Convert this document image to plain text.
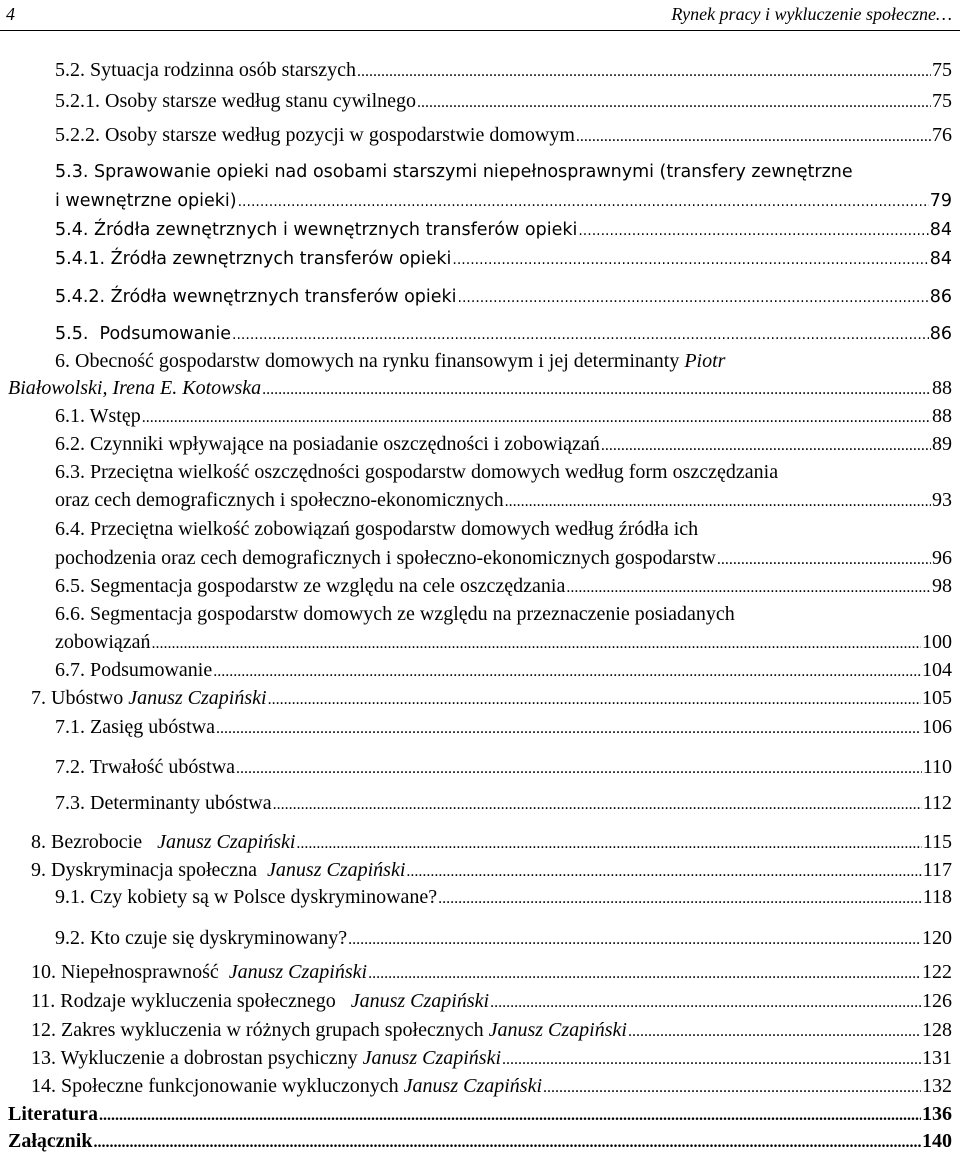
4	Rynek pracy i wykluczenie społeczne…
5.2. Sytuacja rodzinna osób starszych .....	75
5.2.1. Osoby starsze według stanu cywilnego .....	75
5.2.2. Osoby starsze według pozycji w gospodarstwie domowym .....	76
5.3. Sprawowanie opieki nad osobami starszymi niepełnosprawnymi (transfery zewnętrzne
i wewnętrzne opieki) .....	79
5.4. Źródła zewnętrznych i wewnętrznych transferów opieki .....	84
5.4.1. Źródła zewnętrznych transferów opieki .....	84
5.4.2. Źródła wewnętrznych transferów opieki .....	86
5.5. Podsumowanie .....	86
6. Obecność gospodarstw domowych na rynku finansowym i jej determinanty Piotr
Białowolski, Irena E. Kotowska .....	88
6.1. Wstęp .....	88
6.2. Czynniki wpływające na posiadanie oszczędności i zobowiązań .....	89
6.3. Przeciętna wielkość oszczędności gospodarstw domowych według form oszczędzania
oraz cech demograficznych i społeczno-ekonomicznych .....	93
6.4. Przeciętna wielkość zobowiązań gospodarstw domowych według źródła ich
pochodzenia oraz cech demograficznych i społeczno-ekonomicznych gospodarstw .....	96
6.5. Segmentacja gospodarstw ze względu na cele oszczędzania .....	98
6.6. Segmentacja gospodarstw domowych ze względu na przeznaczenie posiadanych
zobowiązań .....	100
6.7. Podsumowanie .....	104
7. Ubóstwo Janusz Czapiński .....	105
7.1. Zasięg ubóstwa .....	106
7.2. Trwałość ubóstwa .....	110
7.3. Determinanty ubóstwa .....	112
8. Bezrobocie Janusz Czapiński .....	115
9. Dyskryminacja społeczna Janusz Czapiński .....	117
9.1. Czy kobiety są w Polsce dyskryminowane? .....	118
9.2. Kto czuje się dyskryminowany? .....	120
10. Niepełnosprawność Janusz Czapiński .....	122
11. Rodzaje wykluczenia społecznego Janusz Czapiński .....	126
12. Zakres wykluczenia w różnych grupach społecznych Janusz Czapiński .....	128
13. Wykluczenie a dobrostan psychiczny Janusz Czapiński .....	131
14. Społeczne funkcjonowanie wykluczonych Janusz Czapiński .....	132
Literatura .....	136
Załącznik .....	140
